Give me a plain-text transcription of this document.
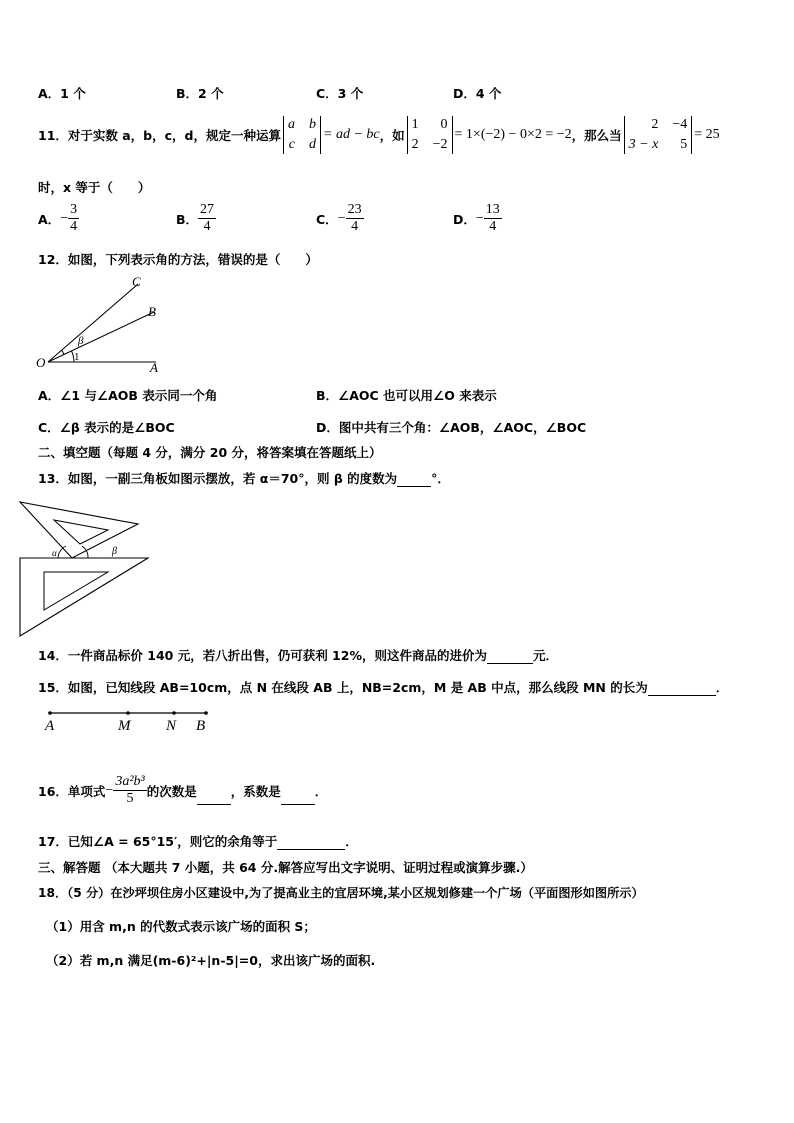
A．1 个	B．2 个	C．3 个	D．4 个
11．对于实数 a，b，c，d，规定一种运算
a b
c d
= ad − bc ，如
1	0
2 −2
= 1×(−2) − 0×2 = −2 ，那么当
2 −4
3 − x	5
= 25
时，x 等于（　　）
A． − $\frac{3}{4}$	B． $\frac{27}{4}$	C． − $\frac{23}{4}$	D． − $\frac{13}{4}$
12．如图，下列表示角的方法，错误的是（　　）
O	A
B
C
β
1
A．∠1 与∠AOB 表示同一个角	B．∠AOC 也可以用∠O 来表示
C．∠β 表示的是∠BOC	D．图中共有三个角：∠AOB，∠AOC，∠BOC
二、填空题（每题 4 分，满分 20 分，将答案填在答题纸上）
13．如图，一副三角板如图示摆放，若 α＝70°，则 β 的度数为	°．
α	β
14．一件商品标价 140 元，若八折出售，仍可获利 12%，则这件商品的进价为	元．
15．如图，已知线段 AB=10cm，点 N 在线段 AB 上，NB=2cm，M 是 AB 中点，那么线段 MN 的长为	．
A	M N B
16．单项式 − $\frac{\text{3a²b³}}{5}$ 的次数是
	，系数是
	．
17．已知∠A = 65°15′，则它的余角等于	．
三、解答题 （本大题共 7 小题，共 64 分.解答应写出文字说明、证明过程或演算步骤.）
18．（5 分）在沙坪坝住房小区建设中,为了提高业主的宜居环境,某小区规划修建一个广场（平面图形如图所示）
（1）用含 m,n 的代数式表示该广场的面积 S；
（2）若 m,n 满足(m-6)²+|n-5|=0，求出该广场的面积.
